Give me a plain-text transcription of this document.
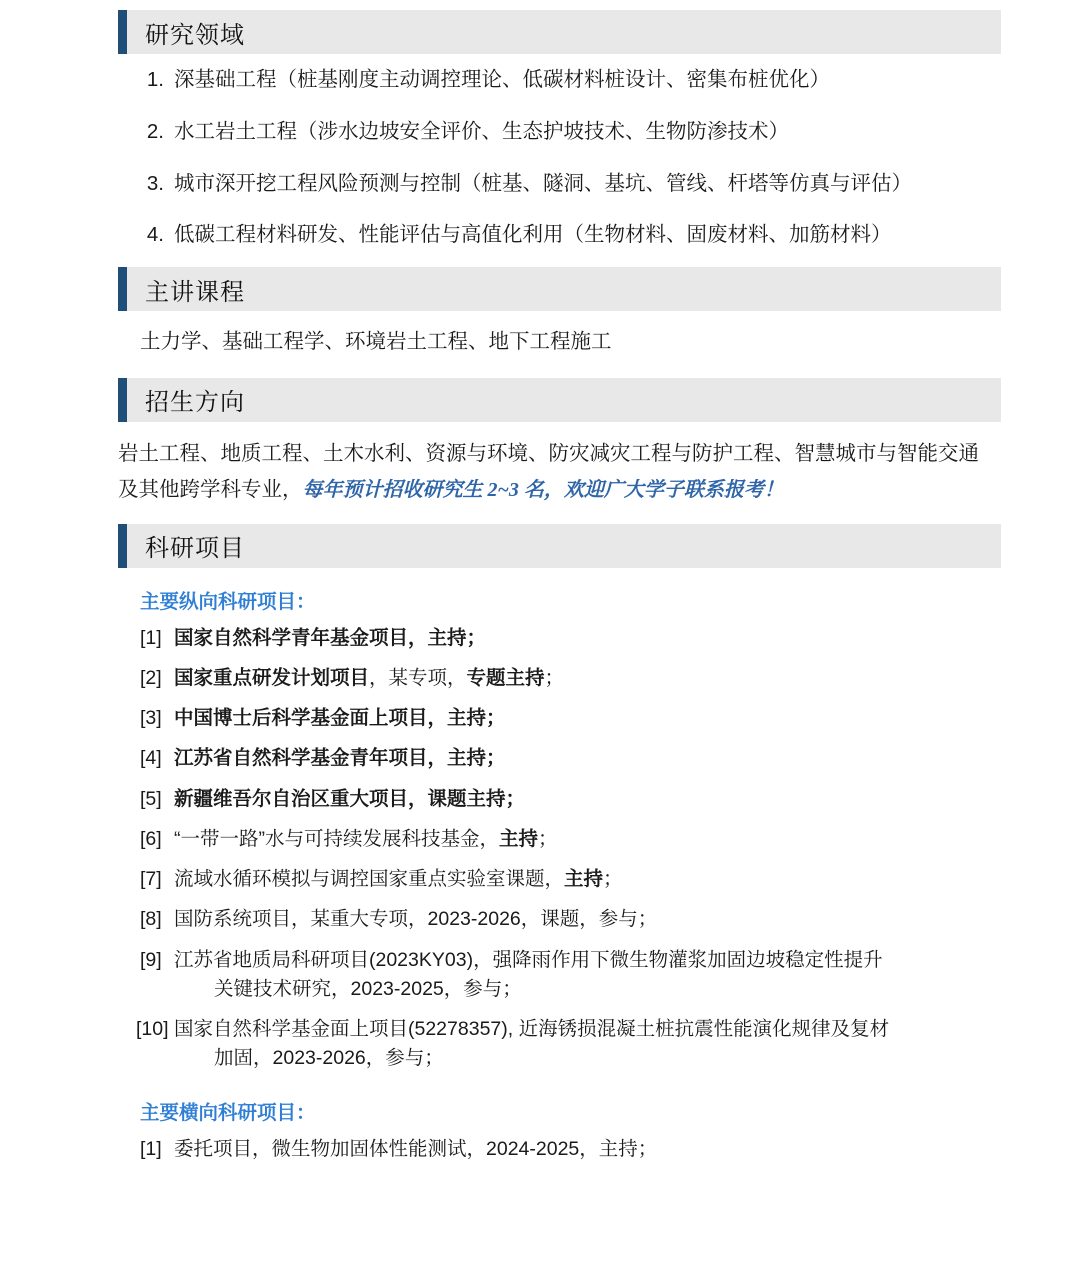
研究领域
1. 深基础工程（桩基刚度主动调控理论、低碳材料桩设计、密集布桩优化）
2. 水工岩土工程（涉水边坡安全评价、生态护坡技术、生物防渗技术）
3. 城市深开挖工程风险预测与控制（桩基、隧洞、基坑、管线、杆塔等仿真与评估）
4. 低碳工程材料研发、性能评估与高值化利用（生物材料、固废材料、加筋材料）
主讲课程
土力学、基础工程学、环境岩土工程、地下工程施工
招生方向
岩土工程、地质工程、土木水利、资源与环境、防灾减灾工程与防护工程、智慧城市与智能交通及其他跨学科专业，每年预计招收研究生 2~3 名，欢迎广大学子联系报考！
科研项目
主要纵向科研项目：
[1] 国家自然科学青年基金项目，主持；
[2] 国家重点研发计划项目，某专项，专题主持；
[3] 中国博士后科学基金面上项目，主持；
[4] 江苏省自然科学基金青年项目，主持；
[5] 新疆维吾尔自治区重大项目，课题主持；
[6] “一带一路”水与可持续发展科技基金，主持；
[7] 流域水循环模拟与调控国家重点实验室课题，主持；
[8] 国防系统项目，某重大专项，2023-2026，课题，参与；
[9] 江苏省地质局科研项目(2023KY03)，强降雨作用下微生物灌浆加固边坡稳定性提升
关键技术研究，2023-2025，参与；
[10] 国家自然科学基金面上项目(52278357), 近海锈损混凝土桩抗震性能演化规律及复材
加固，2023-2026，参与；
主要横向科研项目：
[1] 委托项目，微生物加固体性能测试，2024-2025，主持；
